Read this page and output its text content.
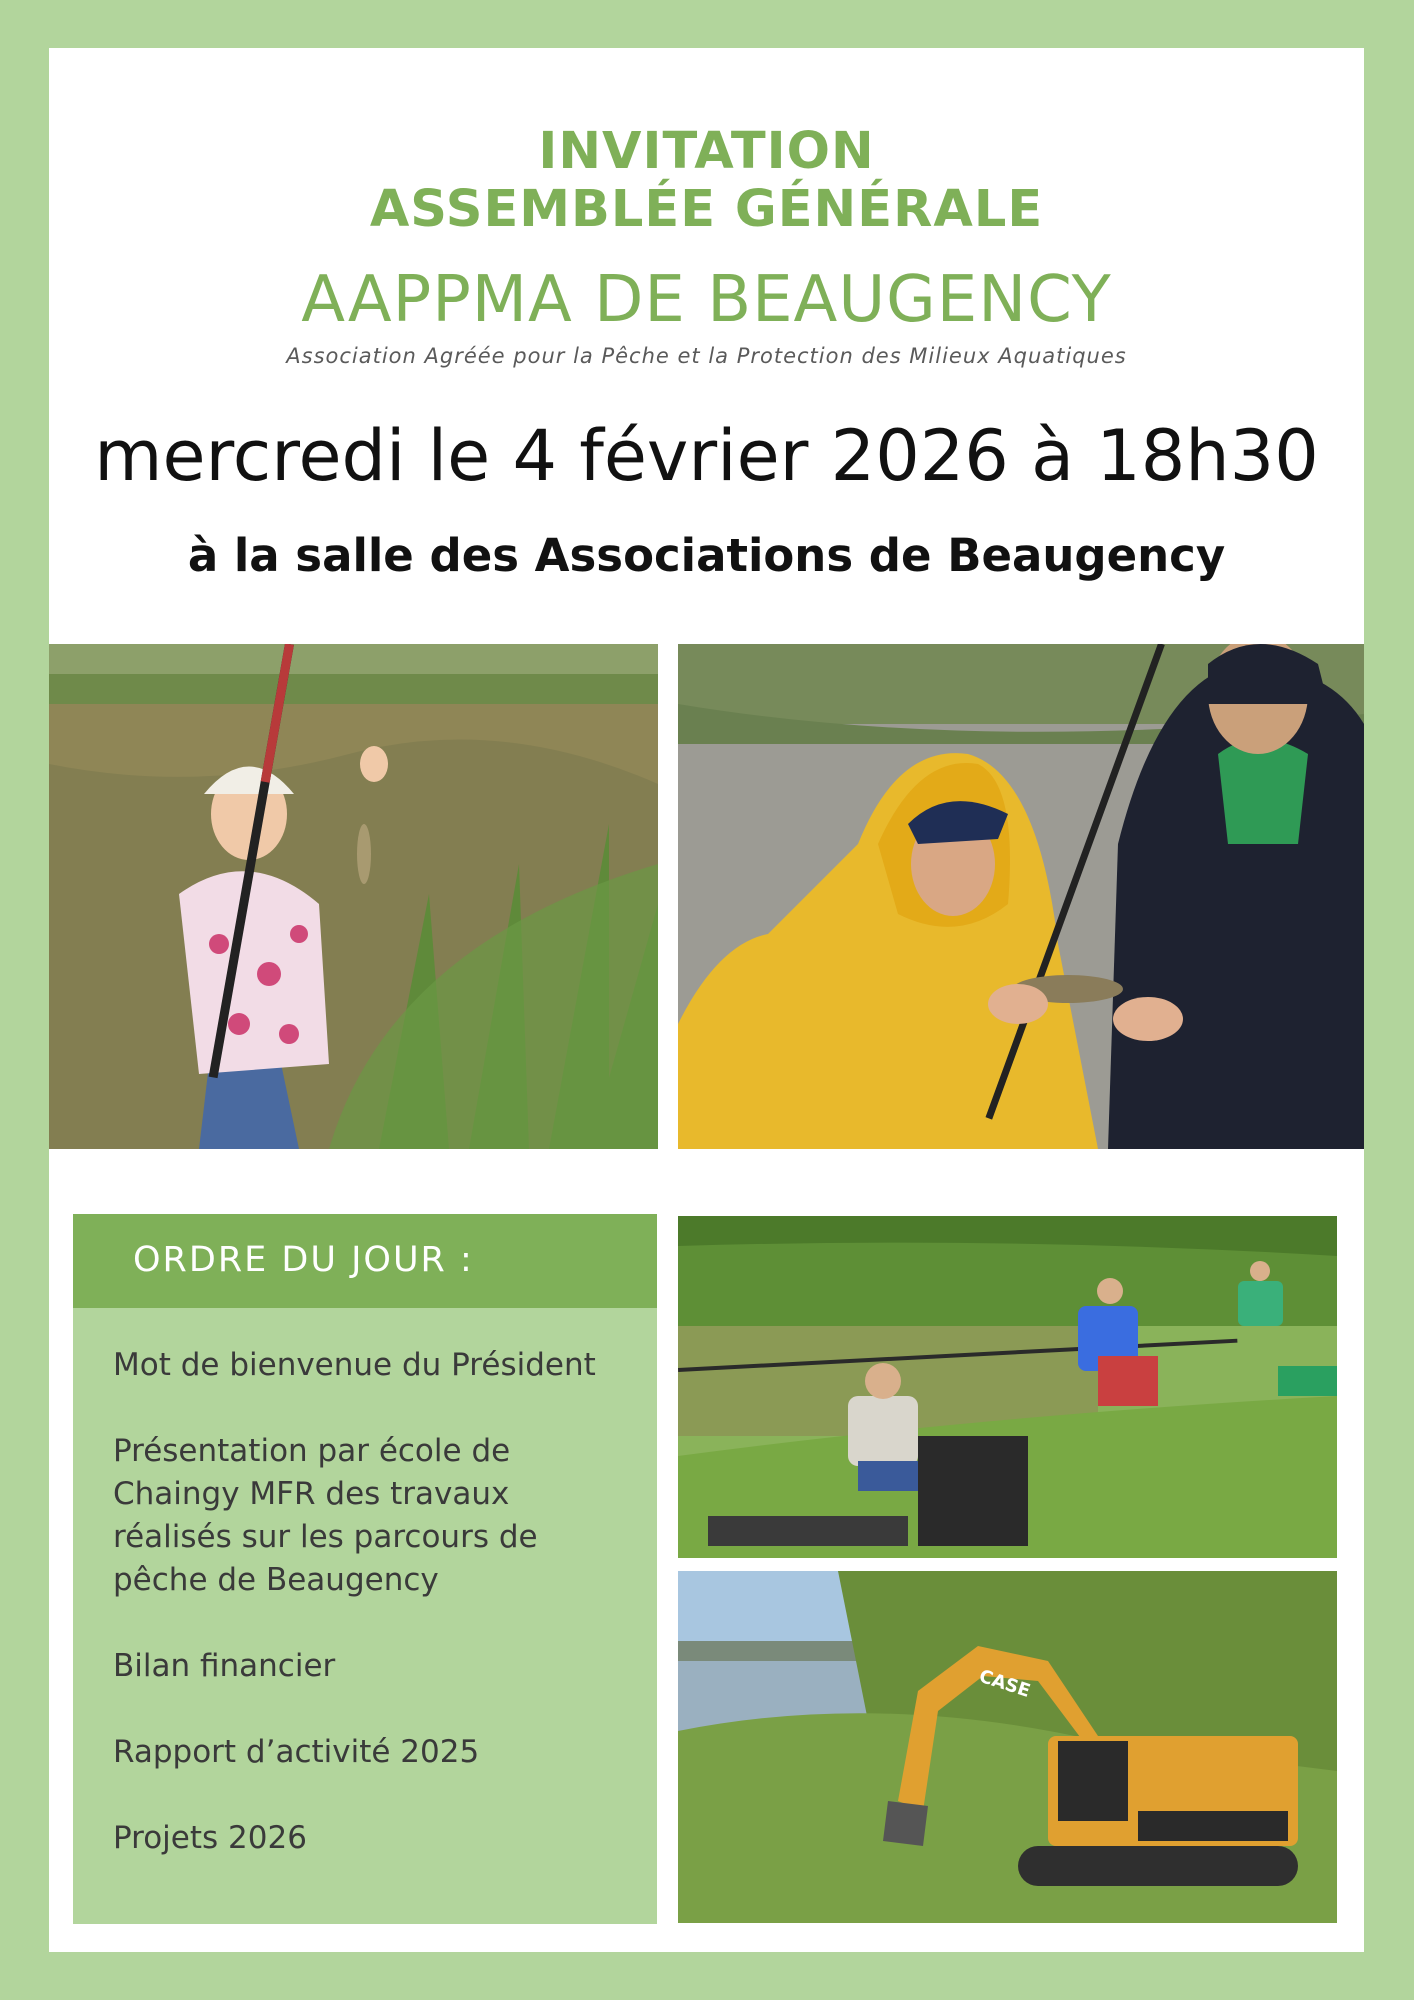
INVITATION
ASSEMBLÉE GÉNÉRALE
AAPPMA DE BEAUGENCY
Association Agréée pour la Pêche et la Protection des Milieux Aquatiques
mercredi le 4 février 2026 à 18h30
à la salle des Associations de Beaugency
ORDRE DU JOUR :
Mot de bienvenue du Président
Présentation par école de Chaingy MFR des travaux réalisés sur les parcours de pêche de Beaugency
Bilan financier
Rapport d’activité 2025
Projets 2026
CASE
